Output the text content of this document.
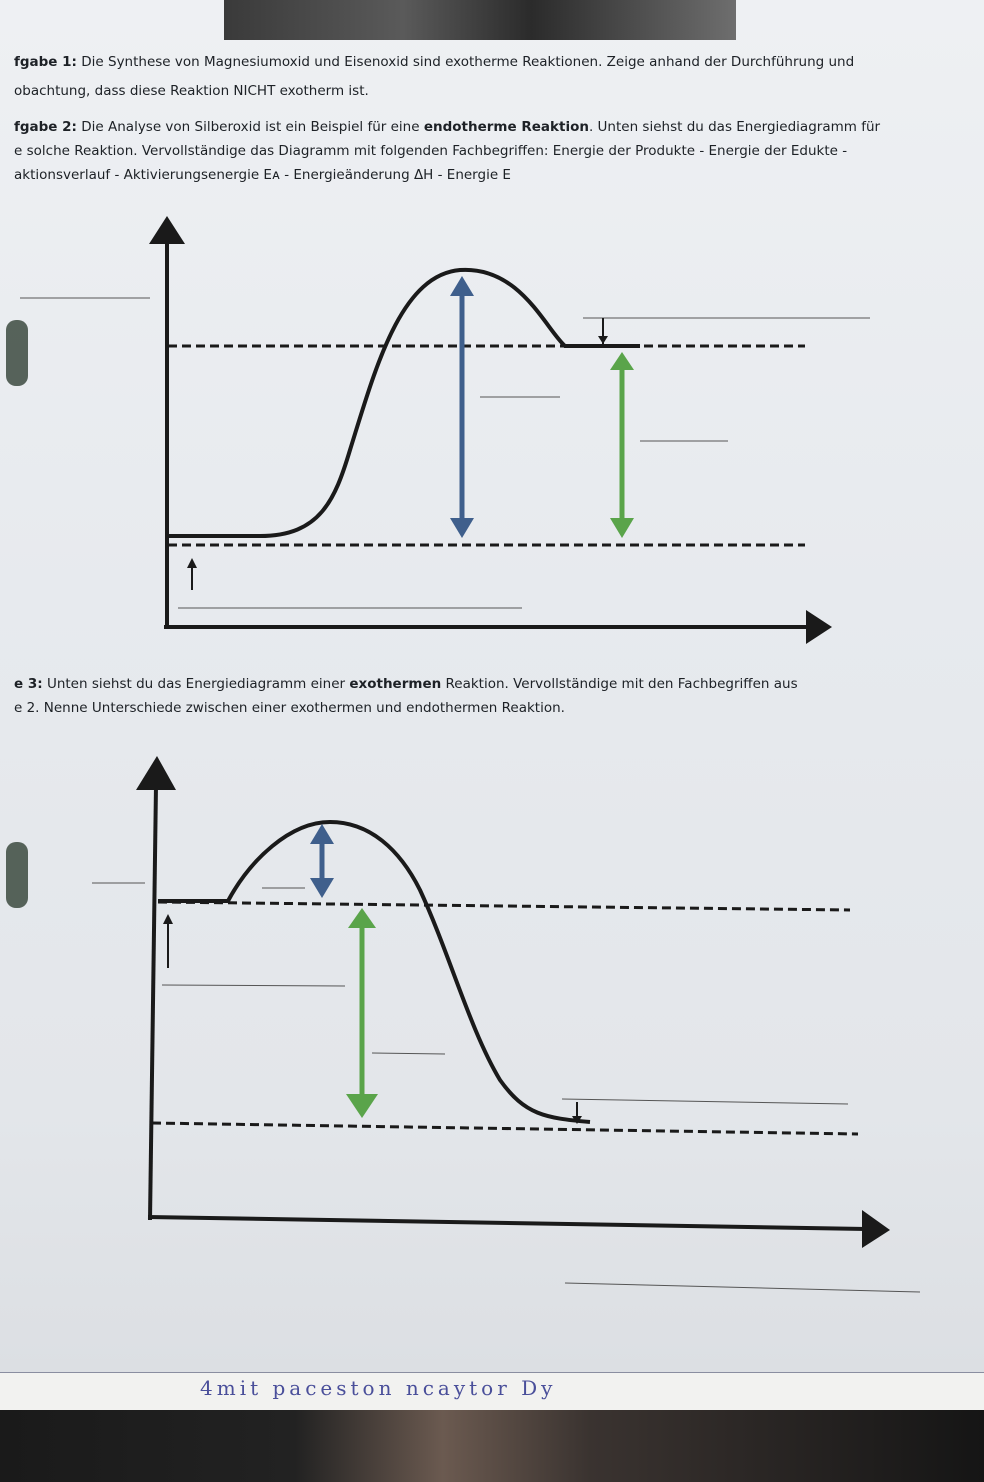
fgabe 1: Die Synthese von Magnesiumoxid und Eisenoxid sind exotherme Reaktionen. Zeige anhand der Durchführung und

obachtung, dass diese Reaktion NICHT exotherm ist.

fgabe 2: Die Analyse von Silberoxid ist ein Beispiel für eine endotherme Reaktion. Unten siehst du das Energiediagramm für

e solche Reaktion. Vervollständige das Diagramm mit folgenden Fachbegriffen: Energie der Produkte - Energie der Edukte -

aktionsverlauf - Aktivierungsenergie Eᴀ - Energieänderung ΔH - Energie E

e 3: Unten siehst du das Energiediagramm einer exothermen Reaktion. Vervollständige mit den Fachbegriffen aus

e 2. Nenne Unterschiede zwischen einer exothermen und endothermen Reaktion.

4mit paceston ncaytor Dy
